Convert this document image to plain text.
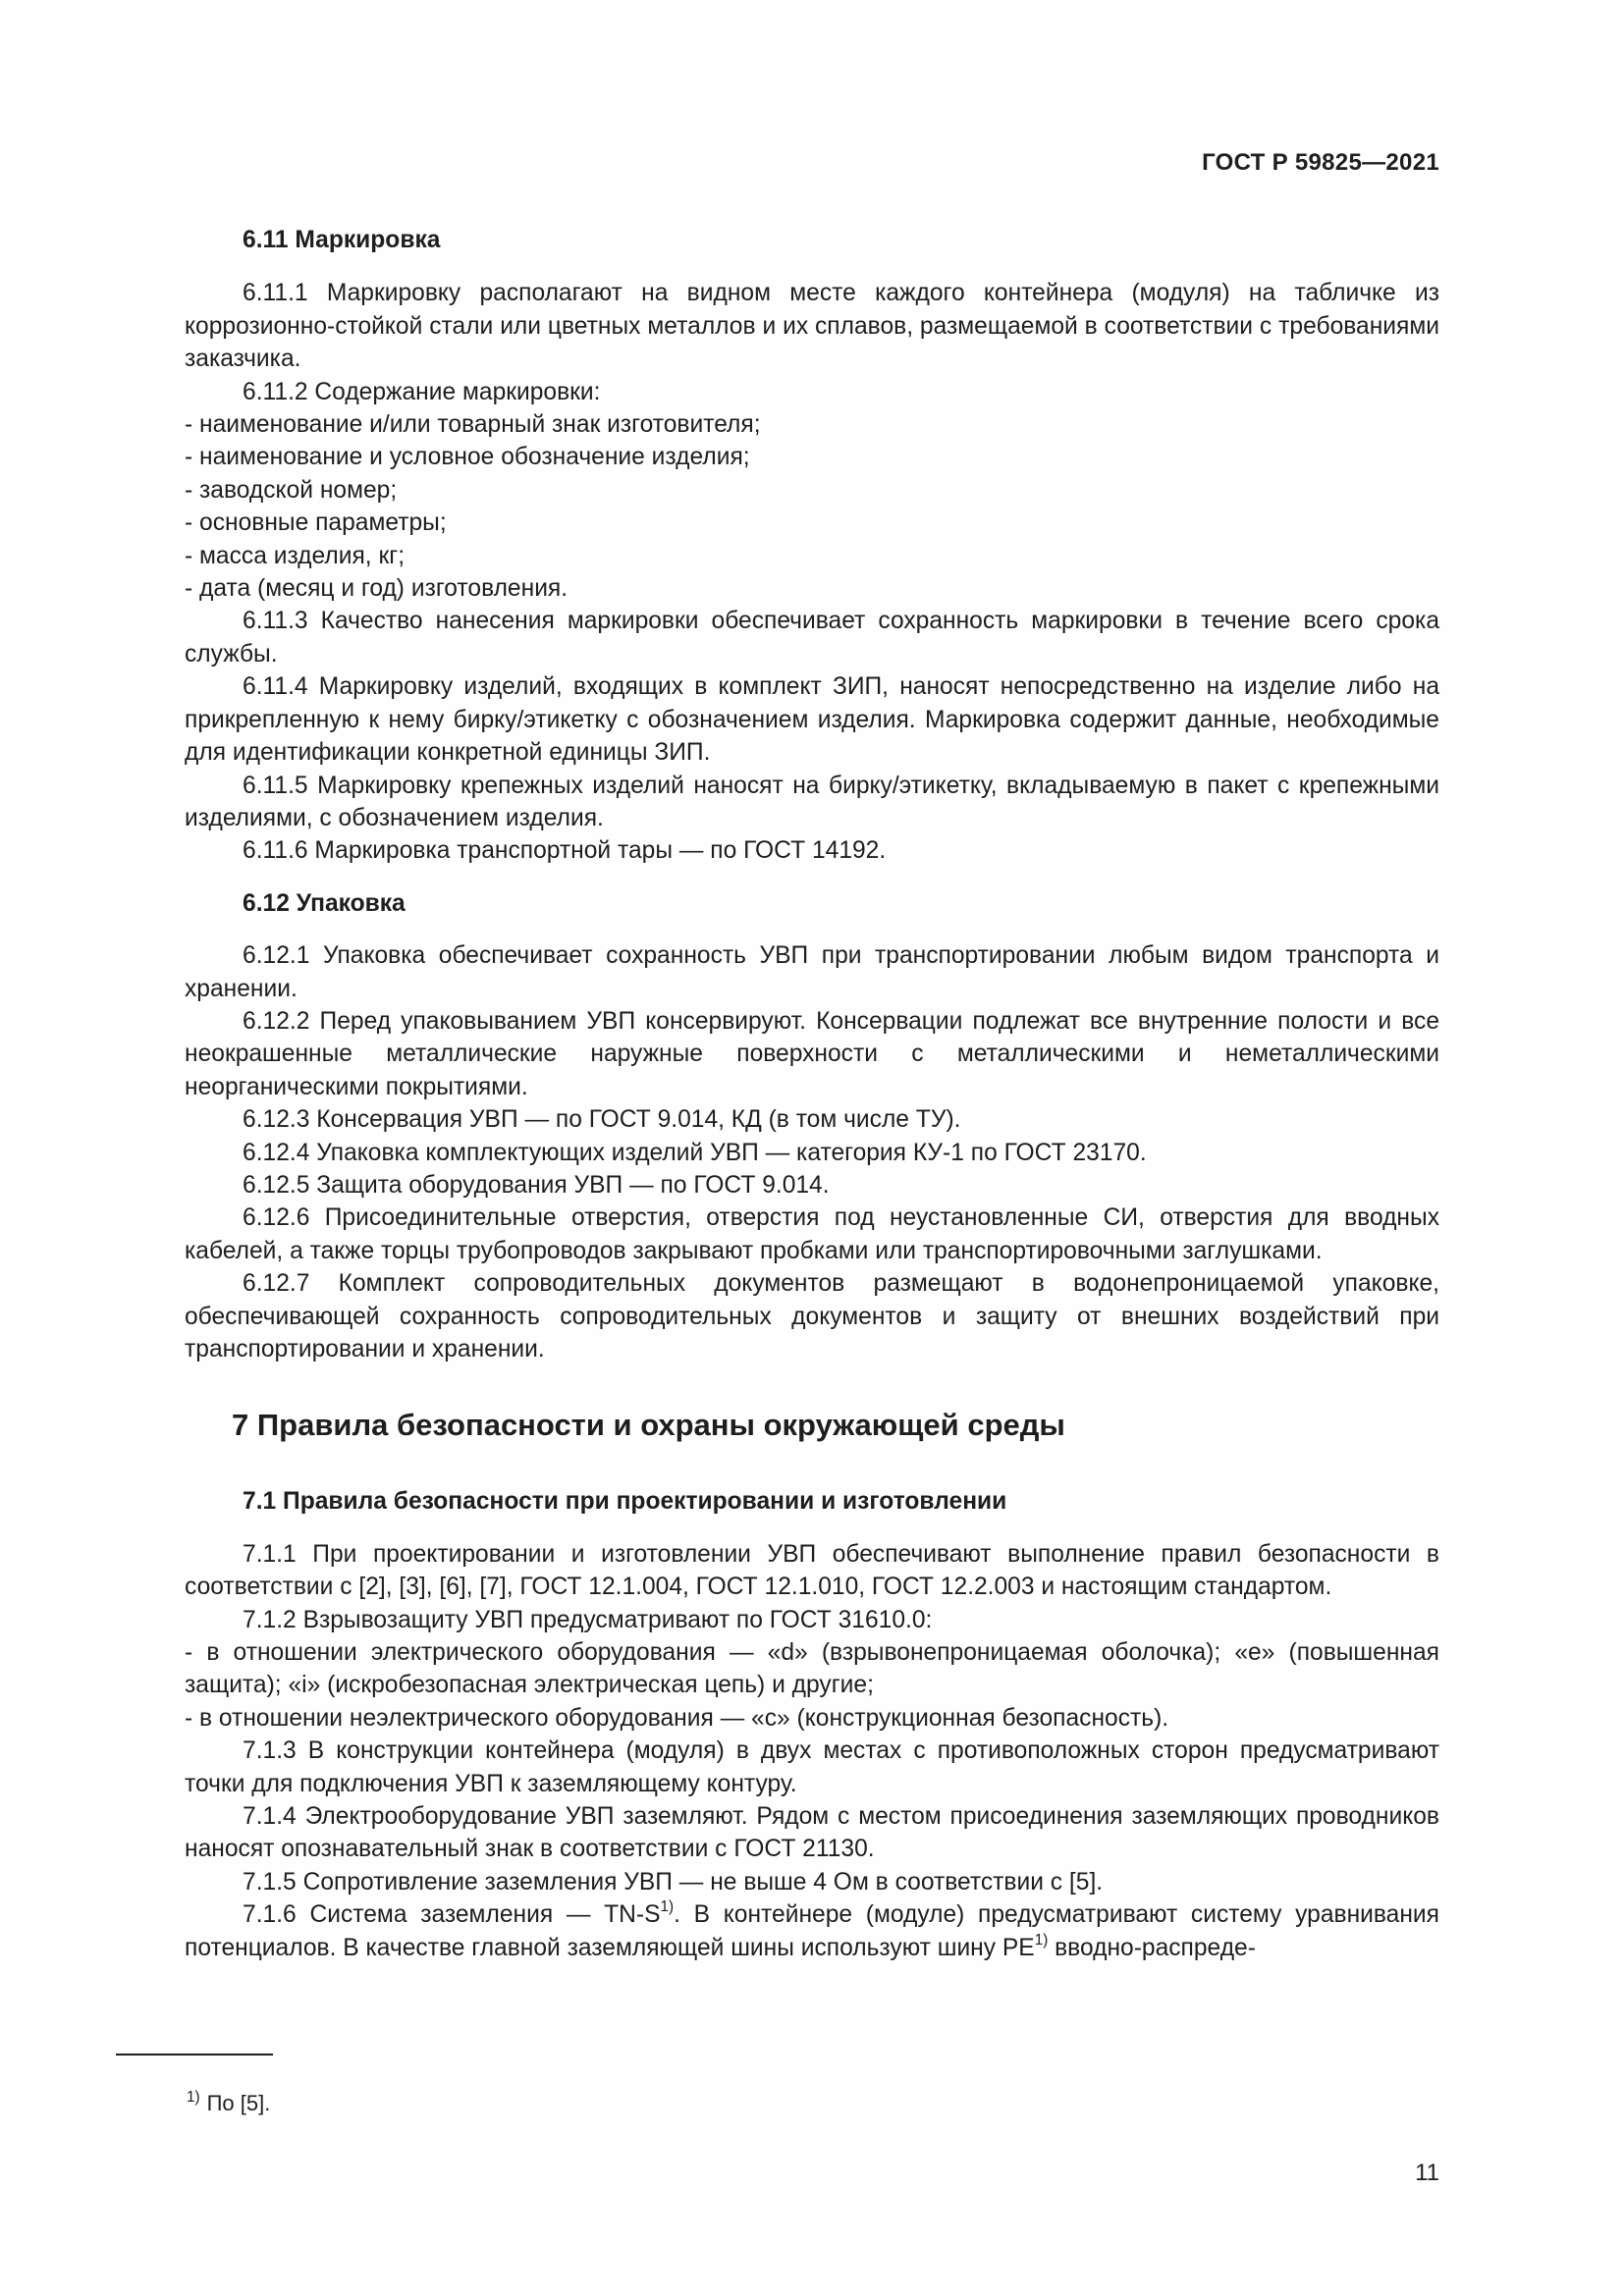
ГОСТ Р 59825—2021

6.11 Маркировка

6.11.1 Маркировку располагают на видном месте каждого контейнера (модуля) на табличке из коррозионно-стойкой стали или цветных металлов и их сплавов, размещаемой в соответствии с требованиями заказчика.

6.11.2 Содержание маркировки:

- наименование и/или товарный знак изготовителя;

- наименование и условное обозначение изделия;

- заводской номер;

- основные параметры;

- масса изделия, кг;

- дата (месяц и год) изготовления.

6.11.3 Качество нанесения маркировки обеспечивает сохранность маркировки в течение всего срока службы.

6.11.4 Маркировку изделий, входящих в комплект ЗИП, наносят непосредственно на изделие либо на прикрепленную к нему бирку/этикетку с обозначением изделия. Маркировка содержит данные, необходимые для идентификации конкретной единицы ЗИП.

6.11.5 Маркировку крепежных изделий наносят на бирку/этикетку, вкладываемую в пакет с крепежными изделиями, с обозначением изделия.

6.11.6 Маркировка транспортной тары — по ГОСТ 14192.

6.12 Упаковка

6.12.1 Упаковка обеспечивает сохранность УВП при транспортировании любым видом транспорта и хранении.

6.12.2 Перед упаковыванием УВП консервируют. Консервации подлежат все внутренние полости и все неокрашенные металлические наружные поверхности с металлическими и неметаллическими неорганическими покрытиями.

6.12.3 Консервация УВП — по ГОСТ 9.014, КД (в том числе ТУ).

6.12.4 Упаковка комплектующих изделий УВП — категория КУ-1 по ГОСТ 23170.

6.12.5 Защита оборудования УВП — по ГОСТ 9.014.

6.12.6 Присоединительные отверстия, отверстия под неустановленные СИ, отверстия для вводных кабелей, а также торцы трубопроводов закрывают пробками или транспортировочными заглушками.

6.12.7 Комплект сопроводительных документов размещают в водонепроницаемой упаковке, обеспечивающей сохранность сопроводительных документов и защиту от внешних воздействий при транспортировании и хранении.

7 Правила безопасности и охраны окружающей среды

7.1 Правила безопасности при проектировании и изготовлении

7.1.1 При проектировании и изготовлении УВП обеспечивают выполнение правил безопасности в соответствии с [2], [3], [6], [7], ГОСТ 12.1.004, ГОСТ 12.1.010, ГОСТ 12.2.003 и настоящим стандартом.

7.1.2 Взрывозащиту УВП предусматривают по ГОСТ 31610.0:

- в отношении электрического оборудования — «d» (взрывонепроницаемая оболочка); «е» (повышенная защита); «i» (искробезопасная электрическая цепь) и другие;

- в отношении неэлектрического оборудования — «с» (конструкционная безопасность).

7.1.3 В конструкции контейнера (модуля) в двух местах с противоположных сторон предусматривают точки для подключения УВП к заземляющему контуру.

7.1.4 Электрооборудование УВП заземляют. Рядом с местом присоединения заземляющих проводников наносят опознавательный знак в соответствии с ГОСТ 21130.

7.1.5 Сопротивление заземления УВП — не выше 4 Ом в соответствии с [5].

7.1.6 Система заземления — $TN-S^{1)}$. В контейнере (модуле) предусматривают систему уравнивания потенциалов. В качестве главной заземляющей шины используют шину PE$^{1)}$ вводно-распреде-

$^{1)}$ По [5].
11
